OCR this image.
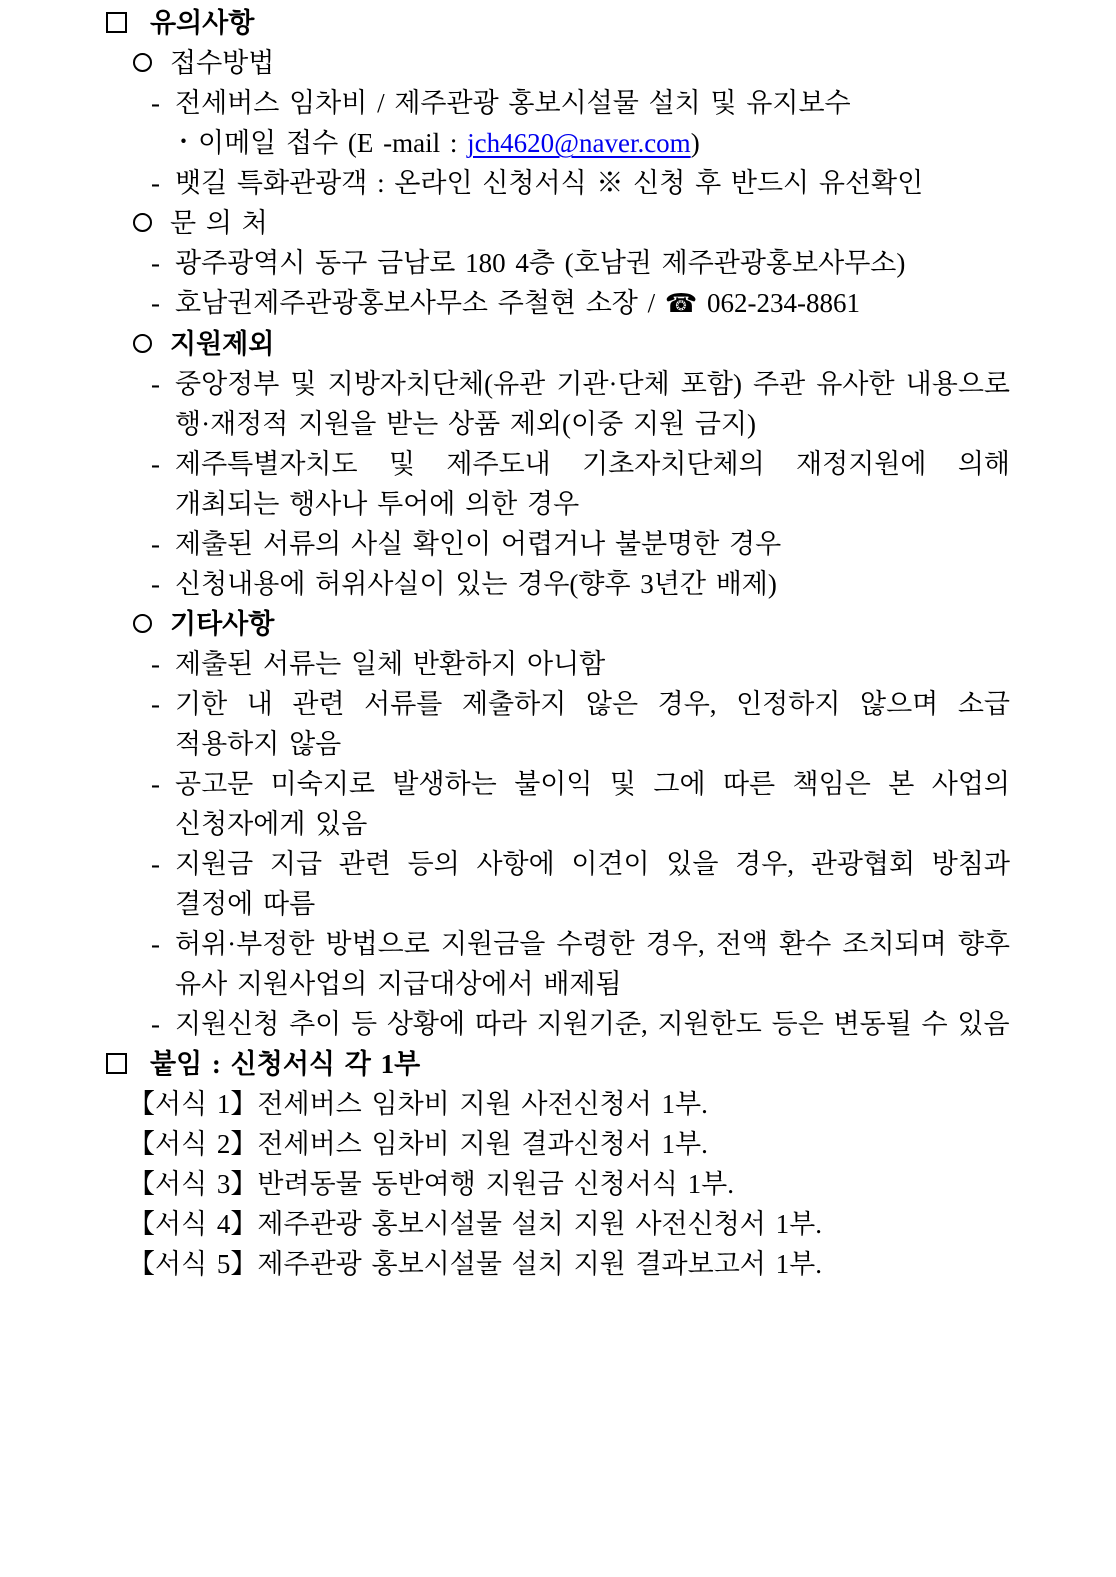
유의사항
접수방법
- 전세버스 임차비 / 제주관광 홍보시설물 설치 및 유지보수
· 이메일 접수 (E -mail : jch4620@naver.com)
- 뱃길 특화관광객 : 온라인 신청서식 ※ 신청 후 반드시 유선확인
문 의 처
- 광주광역시 동구 금남로 180 4층 (호남권 제주관광홍보사무소)
- 호남권제주관광홍보사무소 주철현 소장 / ☎ 062-234-8861
지원제외
- 중앙정부 및 지방자치단체(유관 기관·단체 포함) 주관 유사한 내용으로 행·재정적 지원을 받는 상품 제외(이중 지원 금지)
- 제주특별자치도 및 제주도내 기초자치단체의 재정지원에 의해 개최되는 행사나 투어에 의한 경우
- 제출된 서류의 사실 확인이 어렵거나 불분명한 경우
- 신청내용에 허위사실이 있는 경우(향후 3년간 배제)
기타사항
- 제출된 서류는 일체 반환하지 아니함
- 기한 내 관련 서류를 제출하지 않은 경우, 인정하지 않으며 소급 적용하지 않음
- 공고문 미숙지로 발생하는 불이익 및 그에 따른 책임은 본 사업의 신청자에게 있음
- 지원금 지급 관련 등의 사항에 이견이 있을 경우, 관광협회 방침과 결정에 따름
- 허위·부정한 방법으로 지원금을 수령한 경우, 전액 환수 조치되며 향후 유사 지원사업의 지급대상에서 배제됨
- 지원신청 추이 등 상황에 따라 지원기준, 지원한도 등은 변동될 수 있음
붙임 : 신청서식 각 1부
【서식 1】전세버스 임차비 지원 사전신청서 1부.
【서식 2】전세버스 임차비 지원 결과신청서 1부.
【서식 3】반려동물 동반여행 지원금 신청서식 1부.
【서식 4】제주관광 홍보시설물 설치 지원 사전신청서 1부.
【서식 5】제주관광 홍보시설물 설치 지원 결과보고서 1부.
